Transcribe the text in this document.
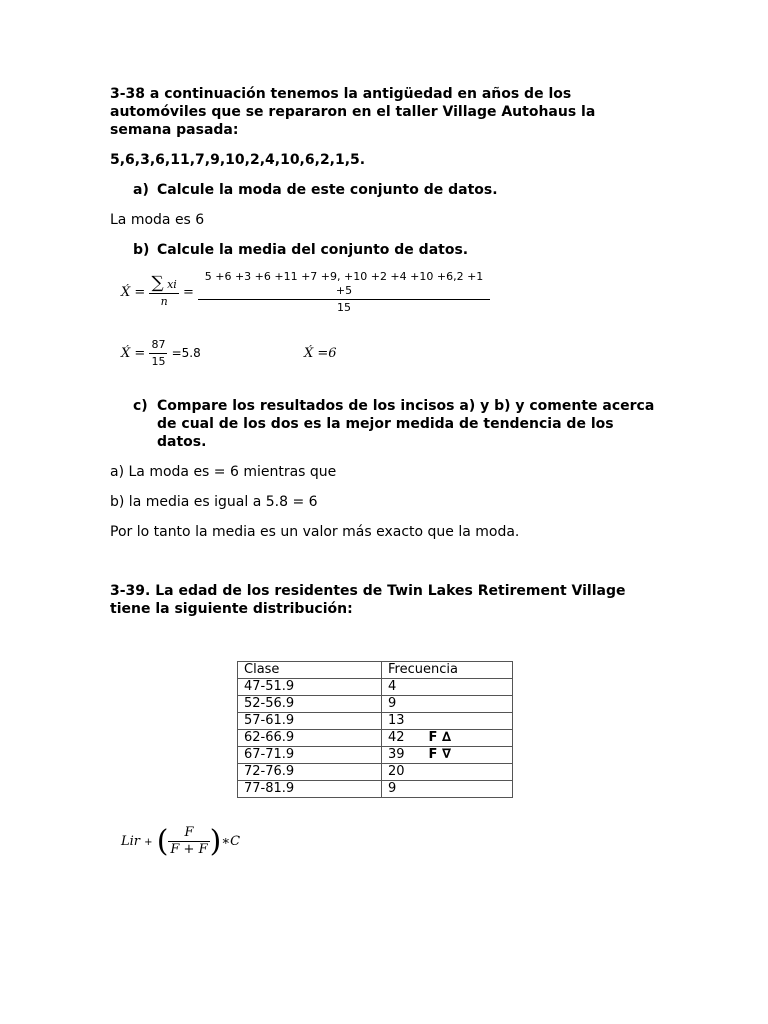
3-38 a continuación tenemos la antigüedad en años de los automóviles que se repararon en el taller Village Autohaus la semana pasada:

5,6,3,6,11,7,9,10,2,4,10,6,2,1,5.

a) Calcule la moda de este conjunto de datos.

La moda es 6

b) Calcule la media del conjunto de datos.
X́ = $\frac{\sum xi}{n} = \frac{5 +6 +3 +6 +11 +7 +9, +10 +2 +4 +10 +6,2 +1 +5}{15}$
X́ = $\frac{87}{15} =5.8$	X́ =6
c) Compare los resultados de los incisos a) y b) y comente acerca de cual de los dos es la mejor medida de tendencia de los datos.

a) La moda es = 6 mientras que

b) la media es igual a 5.8 = 6

Por lo tanto la media es un valor más exacto que la moda.

3-39. La edad de los residentes de Twin Lakes Retirement Village tiene la siguiente distribución:

Clase	Frecuencia
47-51.9	4
52-56.9	9
57-61.9	13
62-66.9	42 F ∆
67-71.9	39 F ∇
72-76.9	20
77-81.9	9
Lir + ( $\frac{F}{F + F}$ )∗C
